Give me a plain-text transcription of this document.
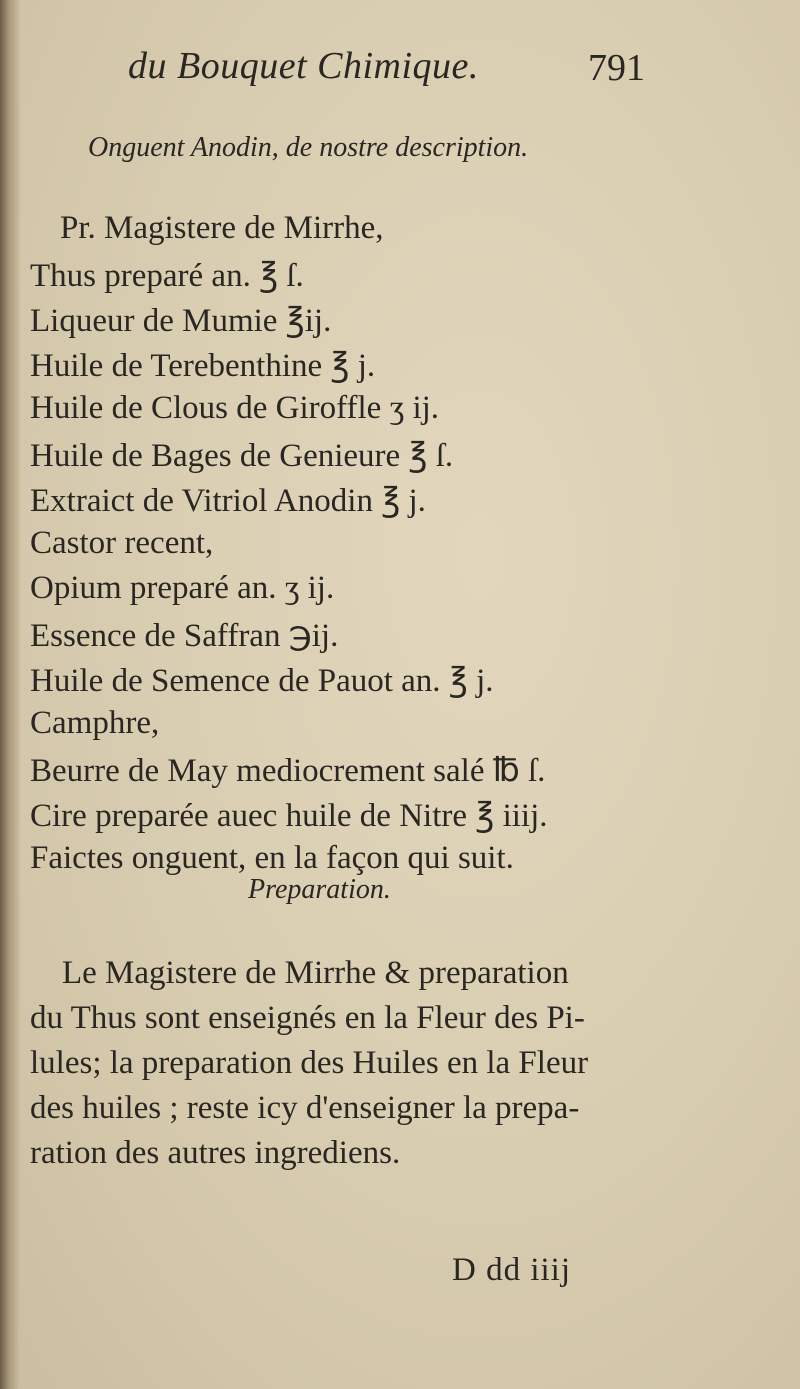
du Bouquet Chimique.	791
Onguent Anodin, de nostre description.
Pr. Magistere de Mirrhe,
Thus preparé an. ℥ ſ.
Liqueur de Mumie ℥ij.
Huile de Terebenthine ℥ j.
Huile de Clous de Giroffle ʒ ij.
Huile de Bages de Genieure ℥ ſ.
Extraict de Vitriol Anodin ℥ j.
Castor recent,
Opium preparé an. ʒ ij.
Essence de Saffran ℈ij.
Huile de Semence de Pauot an. ℥ j.
Camphre,
Beurre de May mediocrement salé ℔ ſ.
Cire preparée auec huile de Nitre ℥ iiij.
Faictes onguent, en la façon qui suit.
Preparation.
Le Magistere de Mirrhe & preparation
du Thus sont enseignés en la Fleur des Pi-
lules; la preparation des Huiles en la Fleur
des huiles ; reste icy d'enseigner la prepa-
ration des autres ingrediens.
D dd iiij
